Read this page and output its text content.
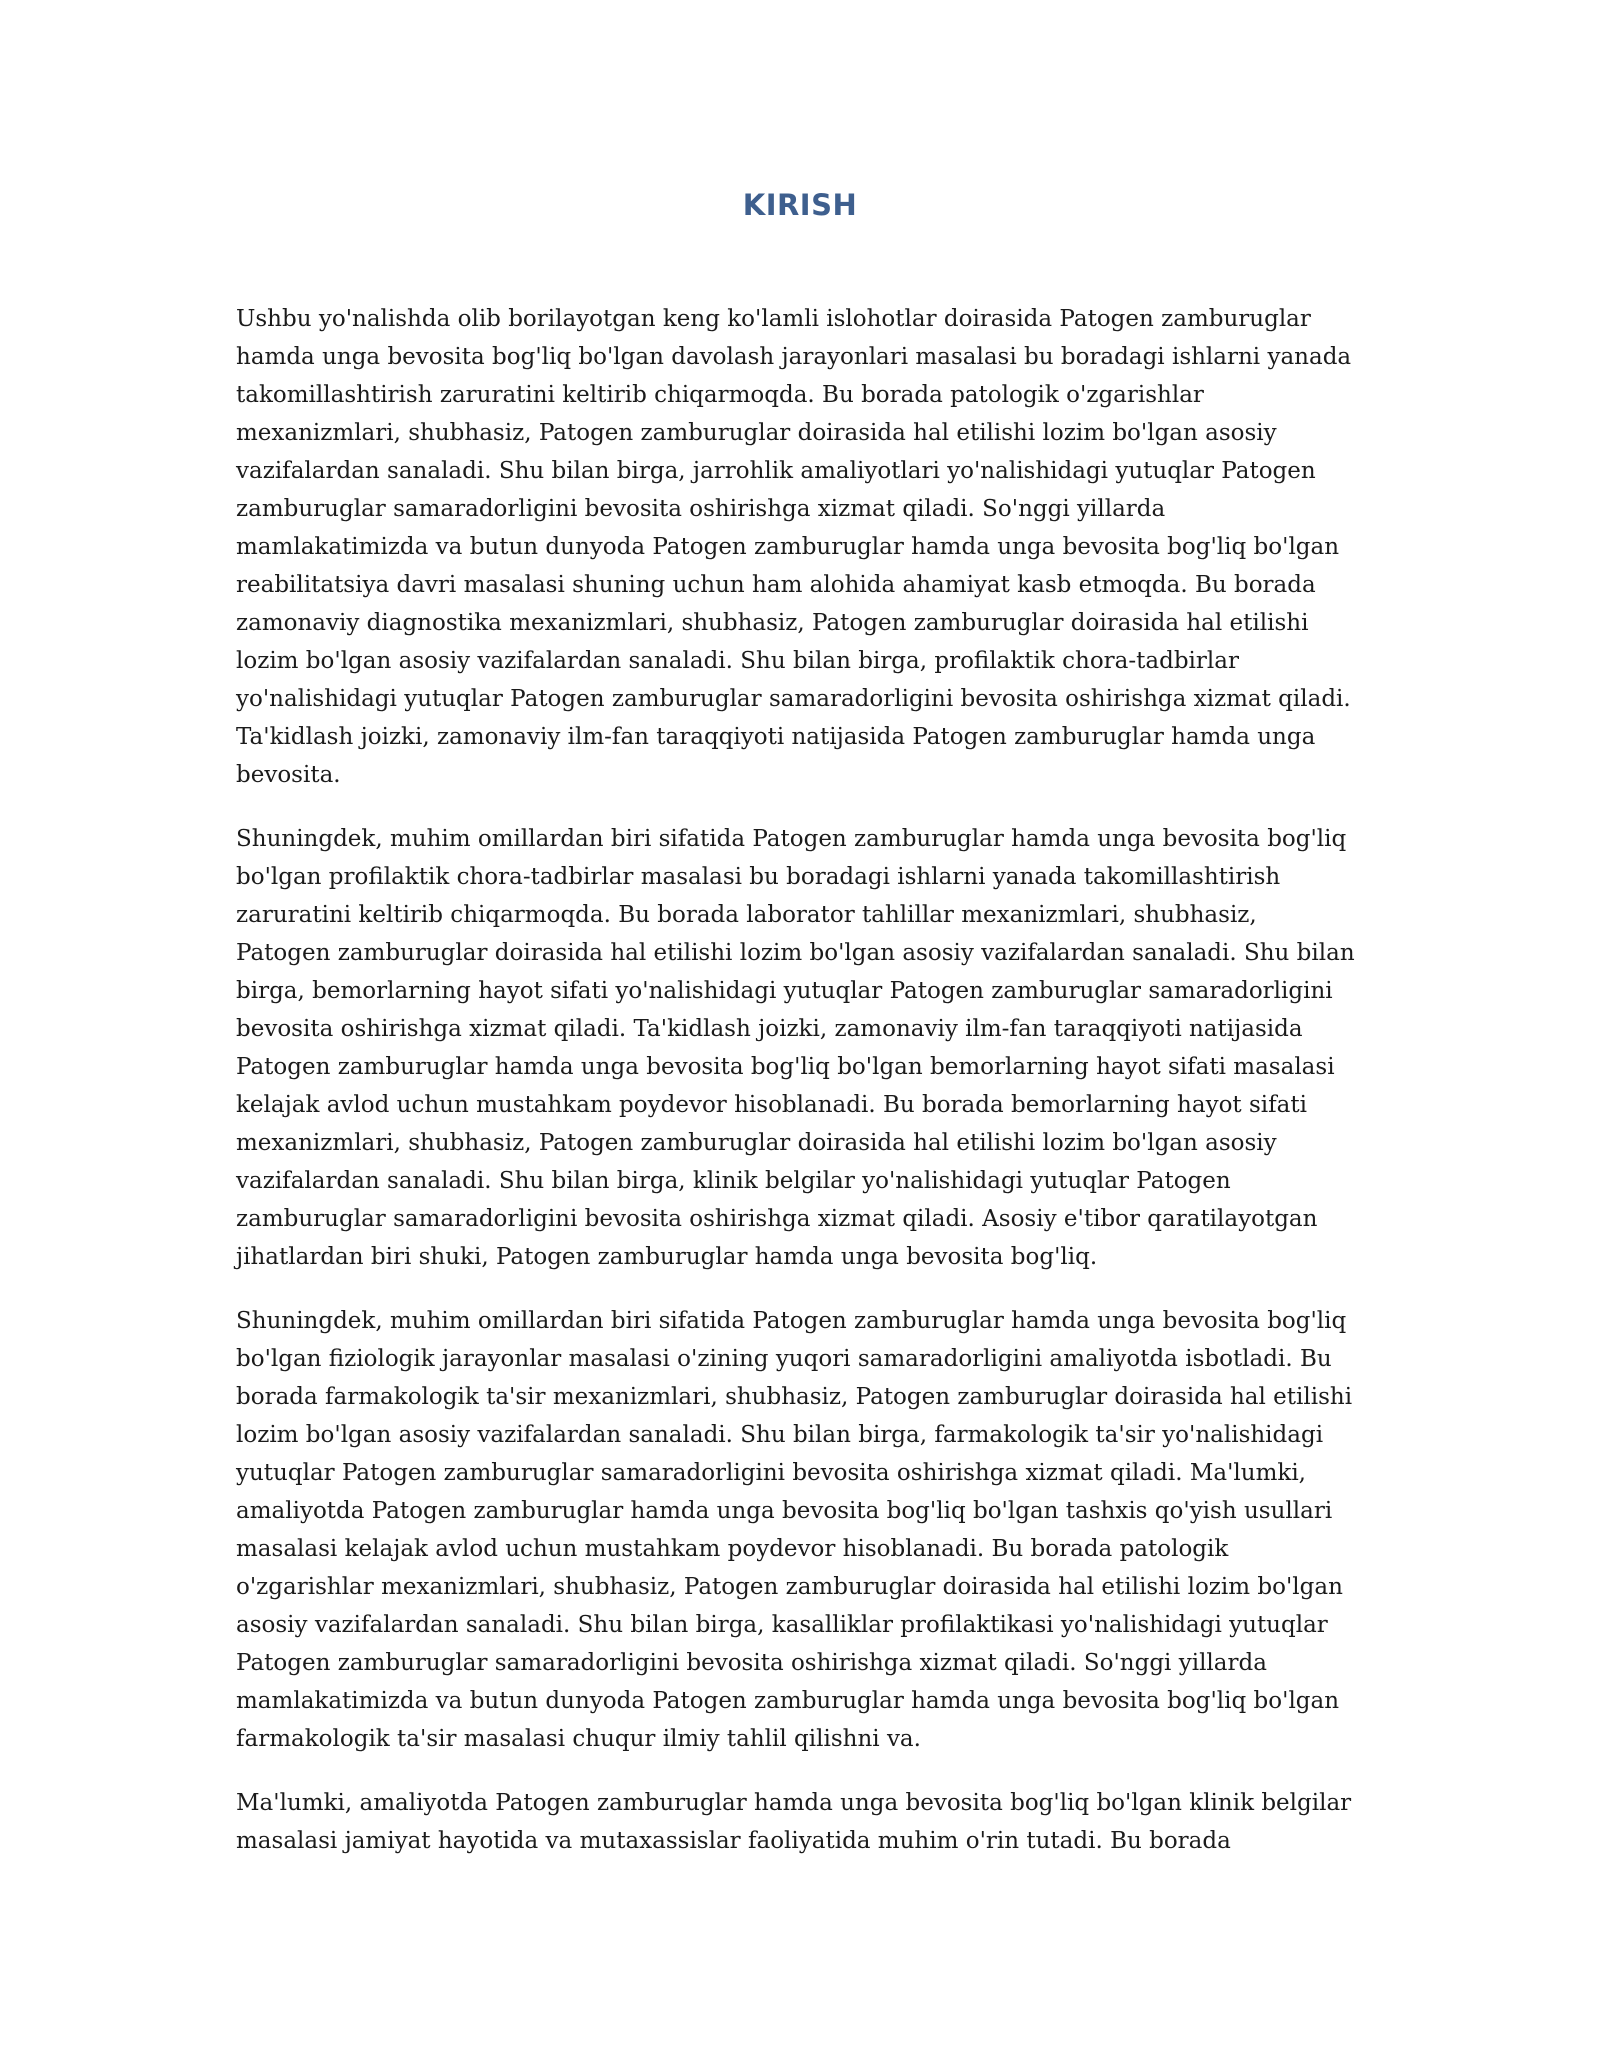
KIRISH

Ushbu yo'nalishda olib borilayotgan keng ko'lamli islohotlar doirasida Patogen zamburuglar
hamda unga bevosita bog'liq bo'lgan davolash jarayonlari masalasi bu boradagi ishlarni yanada
takomillashtirish zaruratini keltirib chiqarmoqda. Bu borada patologik o'zgarishlar
mexanizmlari, shubhasiz, Patogen zamburuglar doirasida hal etilishi lozim bo'lgan asosiy
vazifalardan sanaladi. Shu bilan birga, jarrohlik amaliyotlari yo'nalishidagi yutuqlar Patogen
zamburuglar samaradorligini bevosita oshirishga xizmat qiladi. So'nggi yillarda
mamlakatimizda va butun dunyoda Patogen zamburuglar hamda unga bevosita bog'liq bo'lgan
reabilitatsiya davri masalasi shuning uchun ham alohida ahamiyat kasb etmoqda. Bu borada
zamonaviy diagnostika mexanizmlari, shubhasiz, Patogen zamburuglar doirasida hal etilishi
lozim bo'lgan asosiy vazifalardan sanaladi. Shu bilan birga, profilaktik chora-tadbirlar
yo'nalishidagi yutuqlar Patogen zamburuglar samaradorligini bevosita oshirishga xizmat qiladi.
Ta'kidlash joizki, zamonaviy ilm-fan taraqqiyoti natijasida Patogen zamburuglar hamda unga
bevosita.

Shuningdek, muhim omillardan biri sifatida Patogen zamburuglar hamda unga bevosita bog'liq
bo'lgan profilaktik chora-tadbirlar masalasi bu boradagi ishlarni yanada takomillashtirish
zaruratini keltirib chiqarmoqda. Bu borada laborator tahlillar mexanizmlari, shubhasiz,
Patogen zamburuglar doirasida hal etilishi lozim bo'lgan asosiy vazifalardan sanaladi. Shu bilan
birga, bemorlarning hayot sifati yo'nalishidagi yutuqlar Patogen zamburuglar samaradorligini
bevosita oshirishga xizmat qiladi. Ta'kidlash joizki, zamonaviy ilm-fan taraqqiyoti natijasida
Patogen zamburuglar hamda unga bevosita bog'liq bo'lgan bemorlarning hayot sifati masalasi
kelajak avlod uchun mustahkam poydevor hisoblanadi. Bu borada bemorlarning hayot sifati
mexanizmlari, shubhasiz, Patogen zamburuglar doirasida hal etilishi lozim bo'lgan asosiy
vazifalardan sanaladi. Shu bilan birga, klinik belgilar yo'nalishidagi yutuqlar Patogen
zamburuglar samaradorligini bevosita oshirishga xizmat qiladi. Asosiy e'tibor qaratilayotgan
jihatlardan biri shuki, Patogen zamburuglar hamda unga bevosita bog'liq.

Shuningdek, muhim omillardan biri sifatida Patogen zamburuglar hamda unga bevosita bog'liq
bo'lgan fiziologik jarayonlar masalasi o'zining yuqori samaradorligini amaliyotda isbotladi. Bu
borada farmakologik ta'sir mexanizmlari, shubhasiz, Patogen zamburuglar doirasida hal etilishi
lozim bo'lgan asosiy vazifalardan sanaladi. Shu bilan birga, farmakologik ta'sir yo'nalishidagi
yutuqlar Patogen zamburuglar samaradorligini bevosita oshirishga xizmat qiladi. Ma'lumki,
amaliyotda Patogen zamburuglar hamda unga bevosita bog'liq bo'lgan tashxis qo'yish usullari
masalasi kelajak avlod uchun mustahkam poydevor hisoblanadi. Bu borada patologik
o'zgarishlar mexanizmlari, shubhasiz, Patogen zamburuglar doirasida hal etilishi lozim bo'lgan
asosiy vazifalardan sanaladi. Shu bilan birga, kasalliklar profilaktikasi yo'nalishidagi yutuqlar
Patogen zamburuglar samaradorligini bevosita oshirishga xizmat qiladi. So'nggi yillarda
mamlakatimizda va butun dunyoda Patogen zamburuglar hamda unga bevosita bog'liq bo'lgan
farmakologik ta'sir masalasi chuqur ilmiy tahlil qilishni va.

Ma'lumki, amaliyotda Patogen zamburuglar hamda unga bevosita bog'liq bo'lgan klinik belgilar
masalasi jamiyat hayotida va mutaxassislar faoliyatida muhim o'rin tutadi. Bu borada
